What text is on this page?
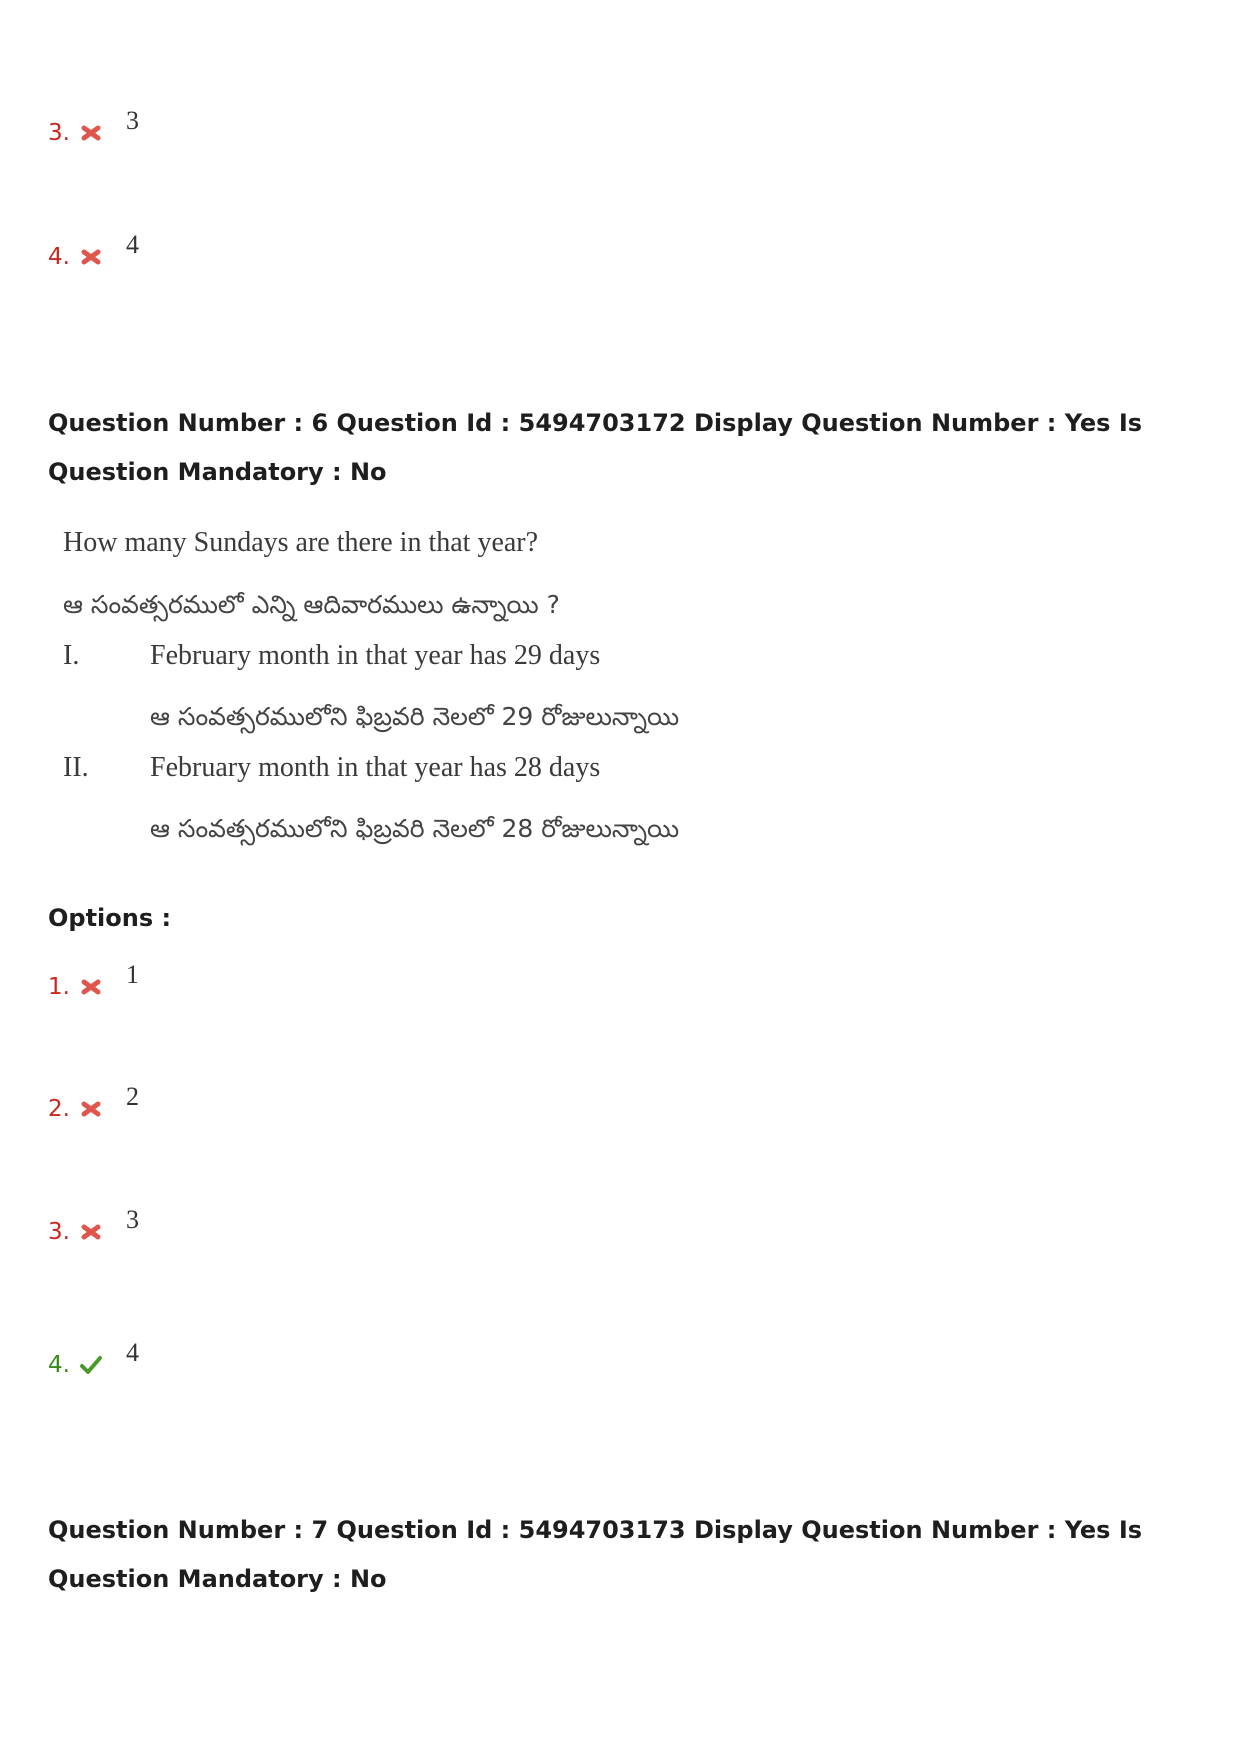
3.	3
4.	4
Question Number : 6 Question Id : 5494703172 Display Question Number : Yes Is Question Mandatory : No
How many Sundays are there in that year?
ఆ సంవత్సరములో ఎన్ని ఆదివారములు ఉన్నాయి ?
I.	February month in that year has 29 days
ఆ సంవత్సరములోని ఫిబ్రవరి నెలలో 29 రోజులున్నాయి
II. February month in that year has 28 days
ఆ సంవత్సరములోని ఫిబ్రవరి నెలలో 28 రోజులున్నాయి
Options :
1.	1
2.	2
3.	3
4.	4
Question Number : 7 Question Id : 5494703173 Display Question Number : Yes Is Question Mandatory : No
